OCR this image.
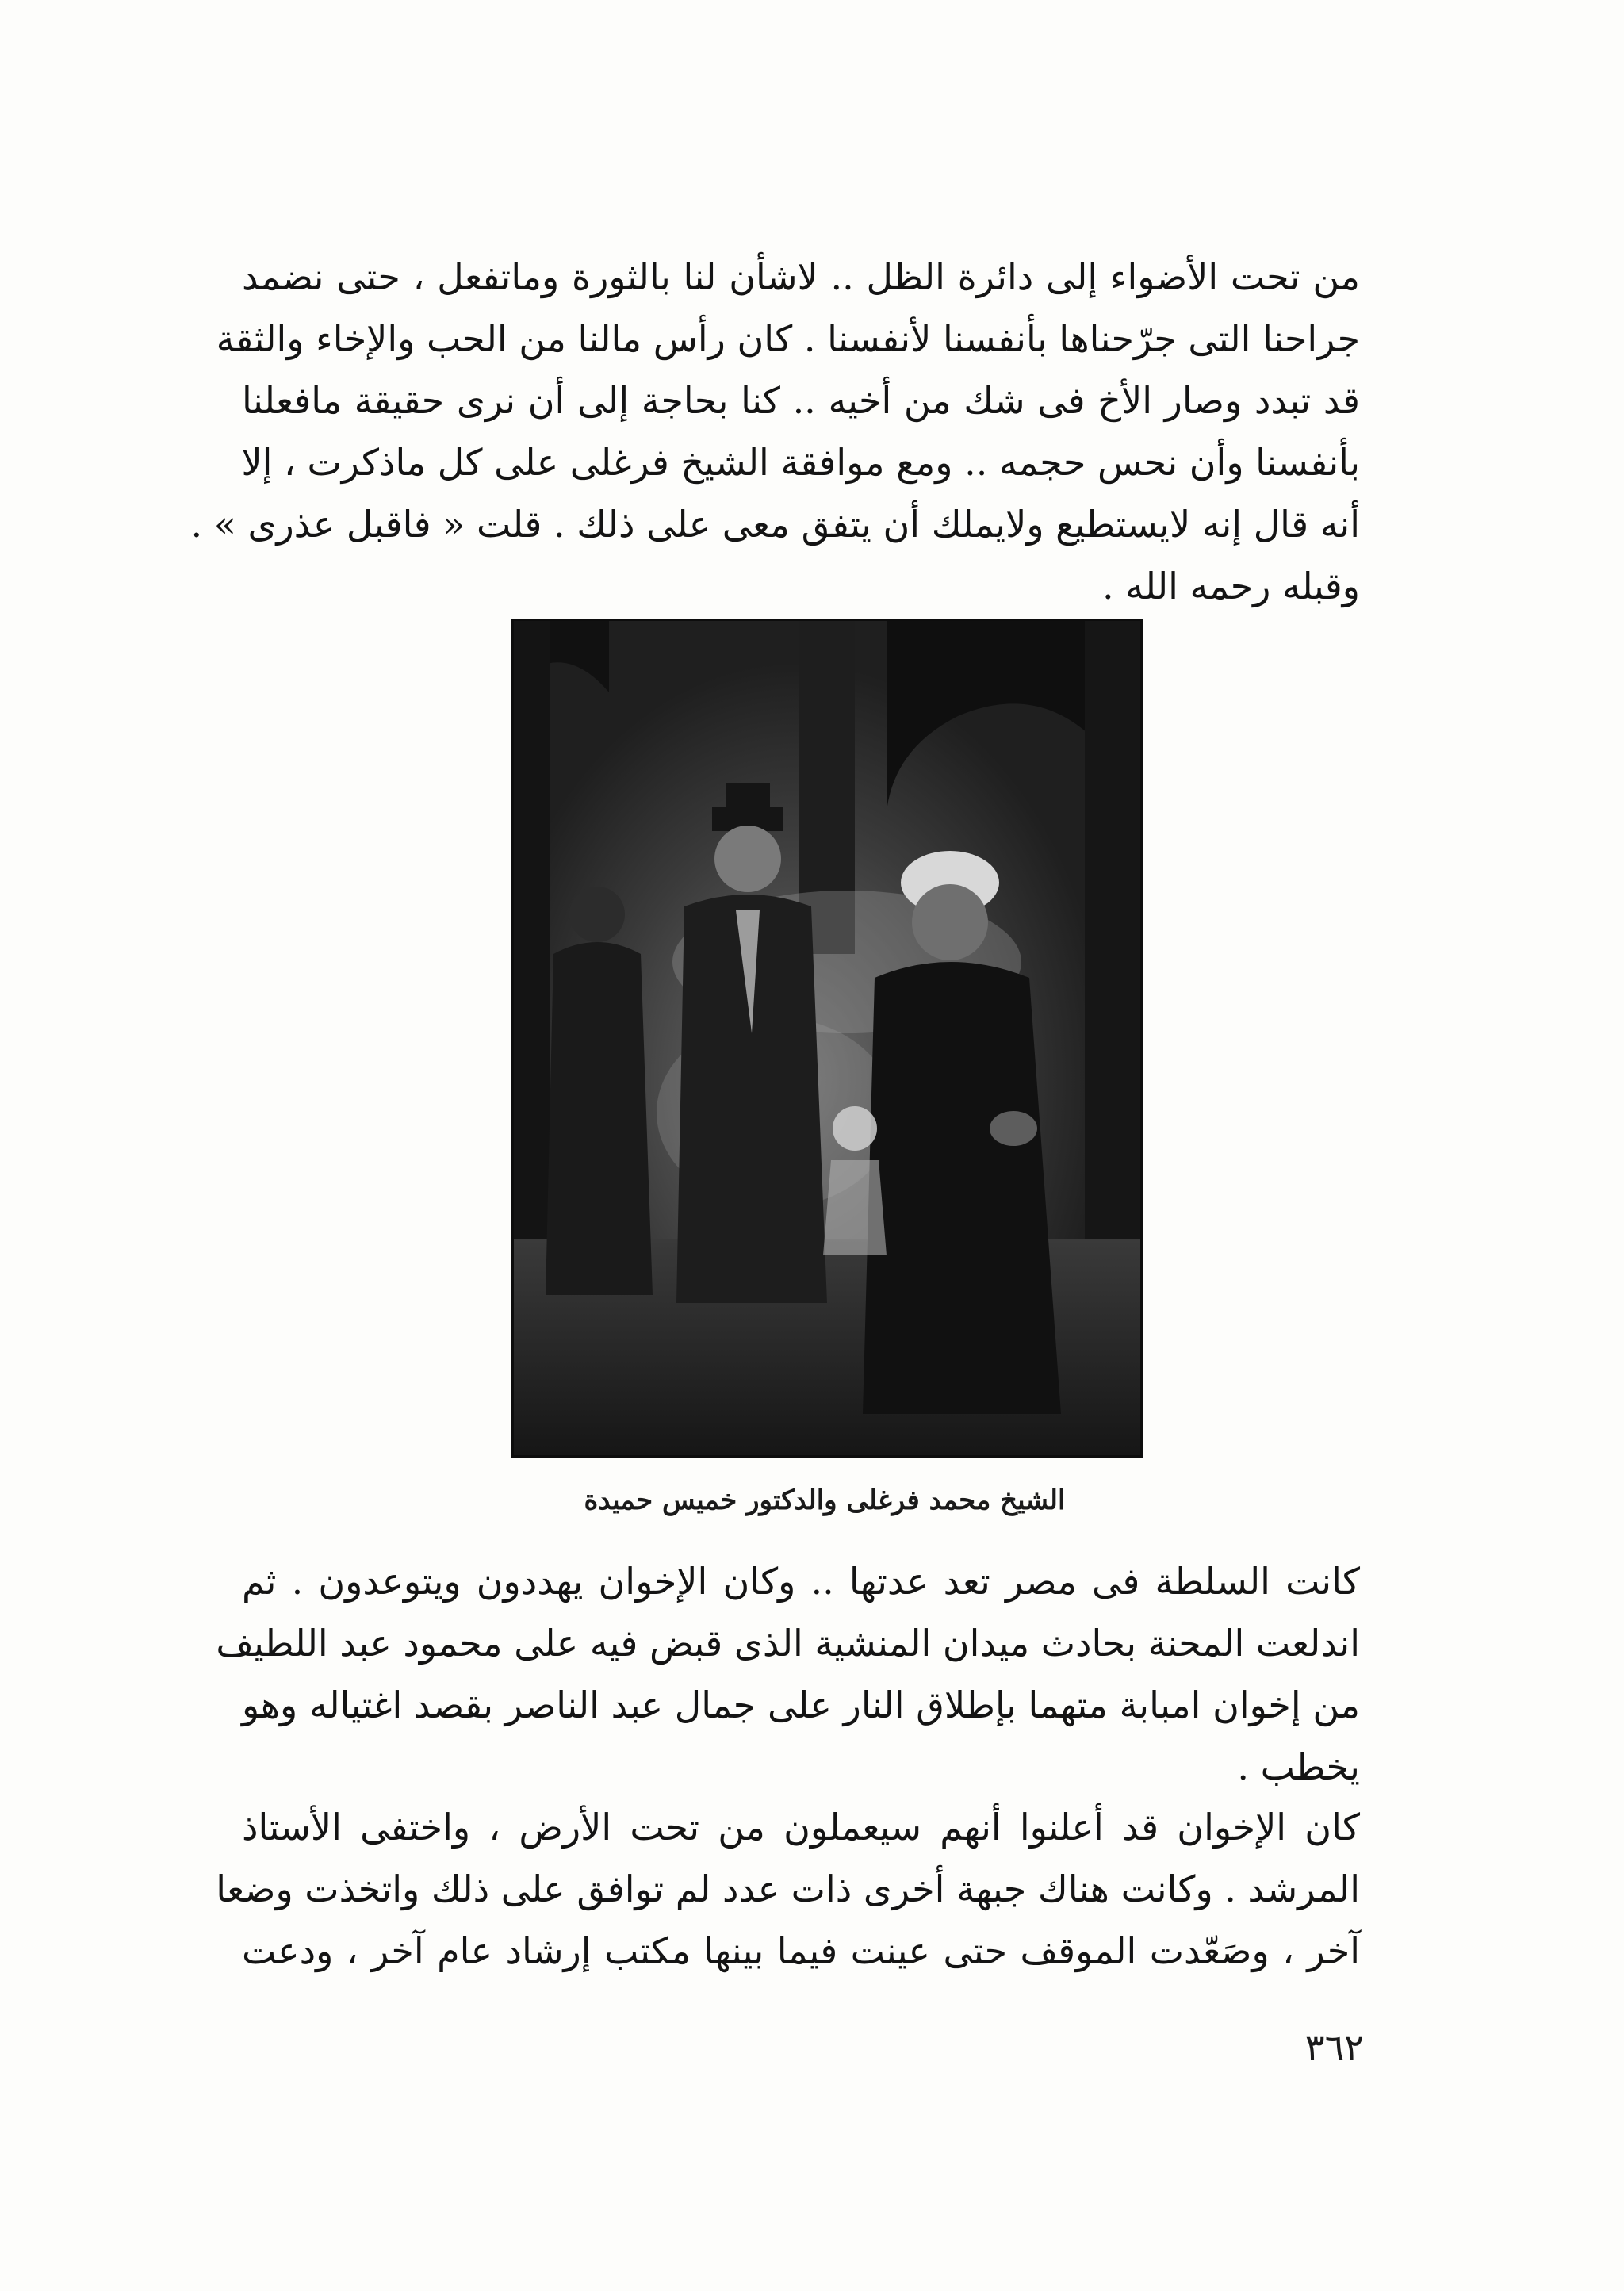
من تحت الأضواء إلى دائرة الظل .. لاشأن لنا بالثورة وماتفعل ، حتى نضمد
جراحنا التى جرّحناها بأنفسنا لأنفسنا . كان رأس مالنا من الحب والإخاء والثقة
قد تبدد وصار الأخ فى شك من أخيه .. كنا بحاجة إلى أن نرى حقيقة مافعلنا
بأنفسنا وأن نحس حجمه .. ومع موافقة الشيخ فرغلى على كل ماذكرت ، إلا
أنه قال إنه لايستطيع ولايملك أن يتفق معى على ذلك . قلت « فاقبل عذرى » .
وقبله رحمه الله .
الشيخ محمد فرغلى والدكتور خميس حميدة
كانت السلطة فى مصر تعد عدتها .. وكان الإخوان يهددون ويتوعدون . ثم
اندلعت المحنة بحادث ميدان المنشية الذى قبض فيه على محمود عبد اللطيف
من إخوان امبابة متهما بإطلاق النار على جمال عبد الناصر بقصد اغتياله وهو
يخطب .
كان الإخوان قد أعلنوا أنهم سيعملون من تحت الأرض ، واختفى الأستاذ
المرشد . وكانت هناك جبهة أخرى ذات عدد لم توافق على ذلك واتخذت وضعا
آخر ، وصَعّدت الموقف حتى عينت فيما بينها مكتب إرشاد عام آخر ، ودعت
٣٦٢
